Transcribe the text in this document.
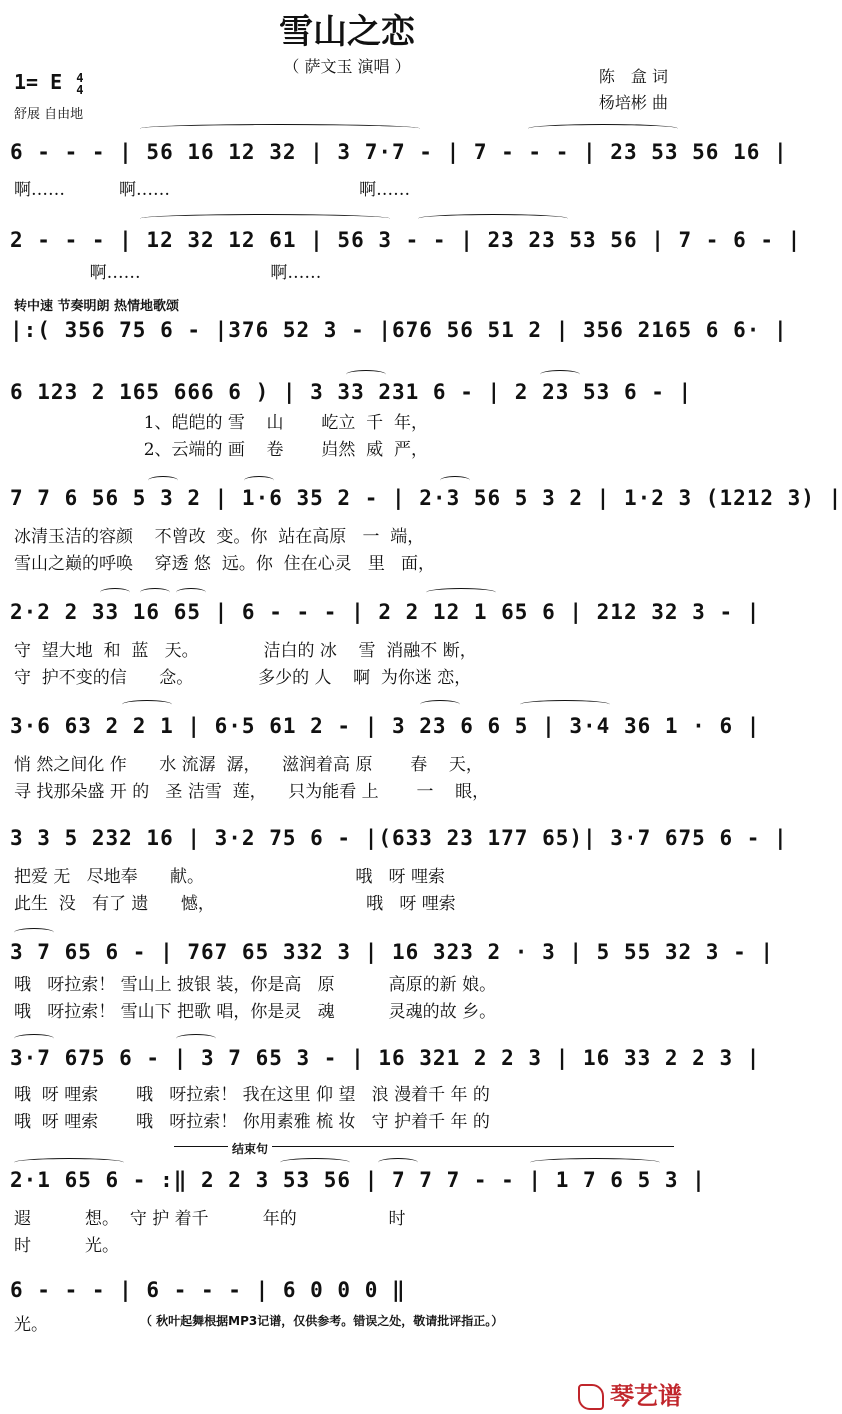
雪山之恋
（ 萨文玉 演唱 ）
陈　盒 词
杨培彬 曲
1= E 4
4
舒展 自由地
6 - - - | 56 16 12 32 | 3 7·7 - | 7 - - - | 23 53 56 16 |
啊……          啊……                                   啊……
2 - - - | 12 32 12 61 | 56 3 - - | 23 23 53 56 | 7 - 6 - |
啊……                        啊……
转中速 节奏明朗 热情地歌颂
|:( 356 75 6 - |376 52 3 - |676 56 51 2 | 356 2165 6 6· |
6 123 2 165 666 6 ) | 3 33 231 6 - | 2 23 53 6 - |
1、皑皑的 雪    山       屹立  千  年，
2、云端的 画    卷       岿然  威  严，
7 7 6 56 5 3 2 | 1·6 35 2 - | 2·3 56 5 3 2 | 1·2 3 (1212 3) |
冰清玉洁的容颜    不曾改  变。你  站在高原   一  端，
雪山之巅的呼唤    穿透 悠  远。你  住在心灵   里   面，
2·2 2 33 16 65 | 6 - - - | 2 2 12 1 65 6 | 212 32 3 - |
守  望大地  和  蓝   天。            洁白的 冰    雪  消融不 断，
守  护不变的信      念。            多少的 人    啊  为你迷 恋，
3·6 63 2 2 1 | 6·5 61 2 - | 3 23 6 6 5 | 3·4 36 1 · 6 |
悄 然之间化 作      水 流潺  潺，    滋润着高 原       春    天，
寻 找那朵盛 开 的   圣 洁雪  莲，    只为能看 上       一    眼，
3 3 5 232 16 | 3·2 75 6 - |(633 23 177 65)| 3·7 675 6 - |
把爱 无   尽地奉      献。                            哦   呀 哩索
此生  没   有了 遗      憾，                            哦   呀 哩索
3 7 65 6 - | 767 65 332 3 | 16 323 2 · 3 | 5 55 32 3 - |
哦   呀拉索！ 雪山上 披银 装，你是高   原          高原的新 娘。
哦   呀拉索！ 雪山下 把歌 唱，你是灵   魂          灵魂的故 乡。
3·7 675 6 - | 3 7 65 3 - | 16 321 2 2 3 | 16 33 2 2 3 |
哦  呀 哩索       哦   呀拉索！ 我在这里 仰 望   浪 漫着千 年 的
哦  呀 哩索       哦   呀拉索！ 你用素雅 梳 妆   守 护着千 年 的
结束句
2·1 65 6 - :‖ 2 2 3 53 56 | 7 7 7 - - | 1 7 6 5 3 |
遐          想。  守 护 着千          年的                 时
时          光。
6 - - - | 6 - - - | 6 0 0 0 ‖
光。	（ 秋叶起舞根据MP3记谱，仅供参考。错误之处，敬请批评指正。）
琴艺谱
